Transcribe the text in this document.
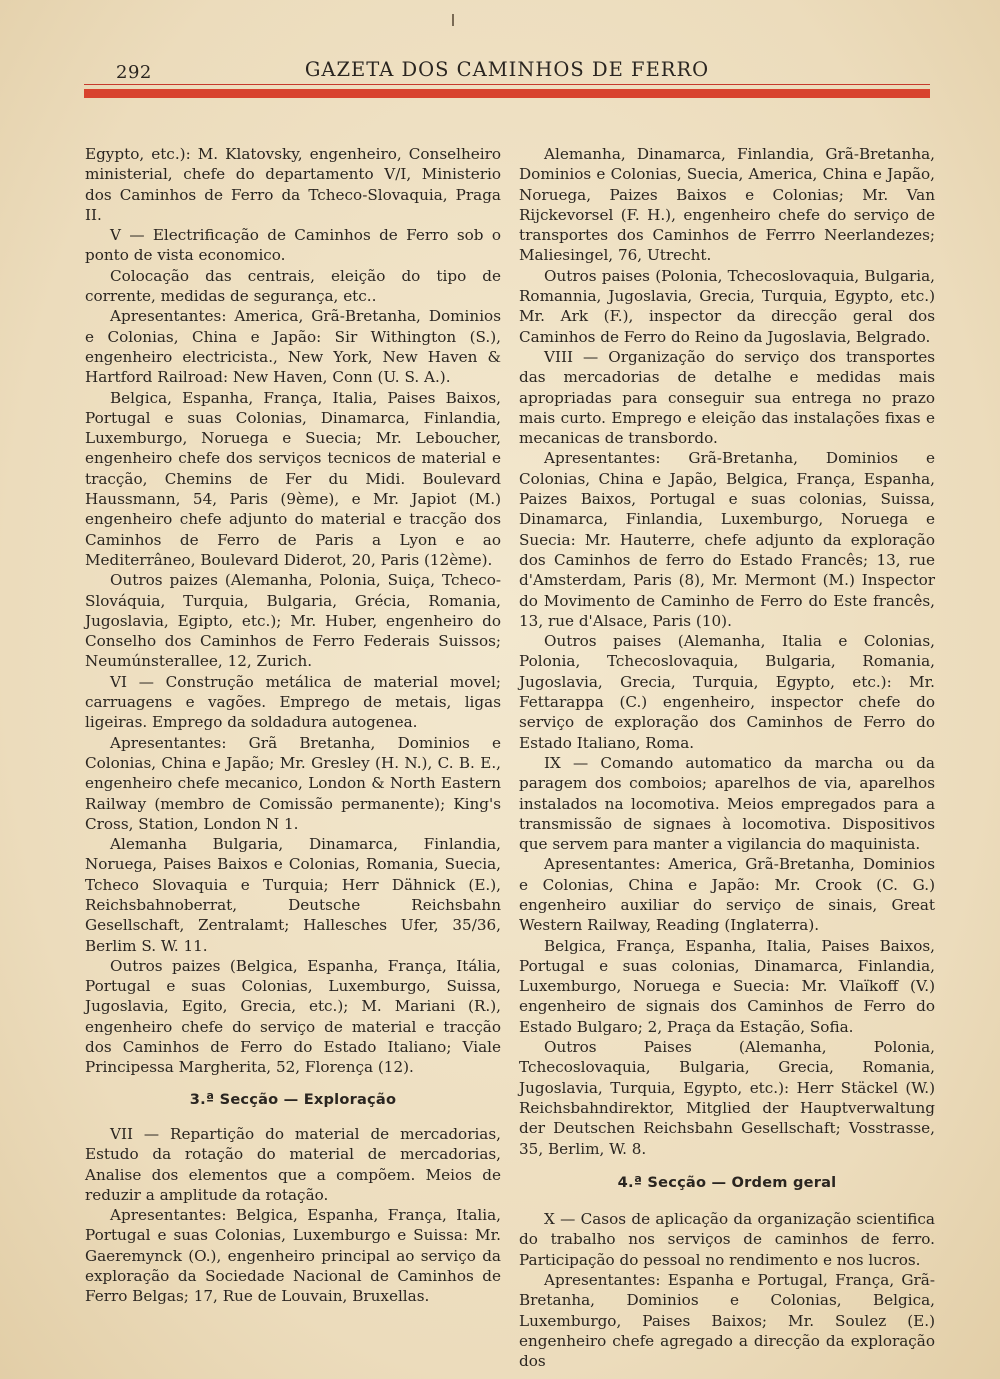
292	GAZETA DOS CAMINHOS DE FERRO

Egypto, etc.): M. Klatovsky, engenheiro, Conselheiro ministerial, chefe do departamento V/I, Ministerio dos Caminhos de Ferro da Tcheco-Slovaquia, Praga II.

V — Electrificação de Caminhos de Ferro sob o ponto de vista economico.

Colocação das centrais, eleição do tipo de corrente, medidas de segurança, etc..

Apresentantes: America, Grã-Bretanha, Dominios e Colonias, China e Japão: Sir Withington (S.), engenheiro electricista., New York, New Haven & Hartford Railroad: New Haven, Conn (U. S. A.).

Belgica, Espanha, França, Italia, Paises Baixos, Portugal e suas Colonias, Dinamarca, Finlandia, Luxemburgo, Noruega e Suecia; Mr. Leboucher, engenheiro chefe dos serviços tecnicos de material e tracção, Chemins de Fer du Midi. Boulevard Haussmann, 54, Paris (9ème), e Mr. Japiot (M.) engenheiro chefe adjunto do material e tracção dos Caminhos de Ferro de Paris a Lyon e ao Mediterrâneo, Boulevard Diderot, 20, Paris (12ème).

Outros paizes (Alemanha, Polonia, Suiça, Tcheco-Slováquia, Turquia, Bulgaria, Grécia, Romania, Jugoslavia, Egipto, etc.); Mr. Huber, engenheiro do Conselho dos Caminhos de Ferro Federais Suissos; Neumúnsterallee, 12, Zurich.

VI — Construção metálica de material movel; carruagens e vagões. Emprego de metais, ligas ligeiras. Emprego da soldadura autogenea.

Apresentantes: Grã Bretanha, Dominios e Colonias, China e Japão; Mr. Gresley (H. N.), C. B. E., engenheiro chefe mecanico, London & North Eastern Railway (membro de Comissão permanente); King's Cross, Station, London N 1.

Alemanha Bulgaria, Dinamarca, Finlandia, Noruega, Paises Baixos e Colonias, Romania, Suecia, Tcheco Slovaquia e Turquia; Herr Dähnick (E.), Reichsbahnoberrat, Deutsche Reichsbahn Gesellschaft, Zentralamt; Hallesches Ufer, 35/36, Berlim S. W. 11.

Outros paizes (Belgica, Espanha, França, Itália, Portugal e suas Colonias, Luxemburgo, Suissa, Jugoslavia, Egito, Grecia, etc.); M. Mariani (R.), engenheiro chefe do serviço de material e tracção dos Caminhos de Ferro do Estado Italiano; Viale Principessa Margherita, 52, Florença (12).

3.ª Secção — Exploração

VII — Repartição do material de mercadorias, Estudo da rotação do material de mercadorias, Analise dos elementos que a compõem. Meios de reduzir a amplitude da rotação.

Apresentantes: Belgica, Espanha, França, Italia, Portugal e suas Colonias, Luxemburgo e Suissa: Mr. Gaeremynck (O.), engenheiro principal ao serviço da exploração da Sociedade Nacional de Caminhos de Ferro Belgas; 17, Rue de Louvain, Bruxellas.

Alemanha, Dinamarca, Finlandia, Grã-Bretanha, Dominios e Colonias, Suecia, America, China e Japão, Noruega, Paizes Baixos e Colonias; Mr. Van Rijckevorsel (F. H.), engenheiro chefe do serviço de transportes dos Caminhos de Ferrro Neerlandezes; Maliesingel, 76, Utrecht.

Outros paises (Polonia, Tchecoslovaquia, Bulgaria, Romannia, Jugoslavia, Grecia, Turquia, Egypto, etc.) Mr. Ark (F.), inspector da direcção geral dos Caminhos de Ferro do Reino da Jugoslavia, Belgrado.

VIII — Organização do serviço dos transportes das mercadorias de detalhe e medidas mais apropriadas para conseguir sua entrega no prazo mais curto. Emprego e eleição das instalações fixas e mecanicas de transbordo.

Apresentantes: Grã-Bretanha, Dominios e Colonias, China e Japão, Belgica, França, Espanha, Paizes Baixos, Portugal e suas colonias, Suissa, Dinamarca, Finlandia, Luxemburgo, Noruega e Suecia: Mr. Hauterre, chefe adjunto da exploração dos Caminhos de ferro do Estado Francês; 13, rue d'Amsterdam, Paris (8), Mr. Mermont (M.) Inspector do Movimento de Caminho de Ferro do Este francês, 13, rue d'Alsace, Paris (10).

Outros paises (Alemanha, Italia e Colonias, Polonia, Tchecoslovaquia, Bulgaria, Romania, Jugoslavia, Grecia, Turquia, Egypto, etc.): Mr. Fettarappa (C.) engenheiro, inspector chefe do serviço de exploração dos Caminhos de Ferro do Estado Italiano, Roma.

IX — Comando automatico da marcha ou da paragem dos comboios; aparelhos de via, aparelhos instalados na locomotiva. Meios empregados para a transmissão de signaes à locomotiva. Dispositivos que servem para manter a vigilancia do maquinista.

Apresentantes: America, Grã-Bretanha, Dominios e Colonias, China e Japão: Mr. Crook (C. G.) engenheiro auxiliar do serviço de sinais, Great Western Railway, Reading (Inglaterra).

Belgica, França, Espanha, Italia, Paises Baixos, Portugal e suas colonias, Dinamarca, Finlandia, Luxemburgo, Noruega e Suecia: Mr. Vlaïkoff (V.) engenheiro de signais dos Caminhos de Ferro do Estado Bulgaro; 2, Praça da Estação, Sofia.

Outros Paises (Alemanha, Polonia, Tchecoslovaquia, Bulgaria, Grecia, Romania, Jugoslavia, Turquia, Egypto, etc.): Herr Stäckel (W.) Reichsbahndirektor, Mitglied der Hauptverwaltung der Deutschen Reichsbahn Gesellschaft; Vosstrasse, 35, Berlim, W. 8.

4.ª Secção — Ordem geral

X — Casos de aplicação da organização scientifica do trabalho nos serviços de caminhos de ferro. Participação do pessoal no rendimento e nos lucros.

Apresentantes: Espanha e Portugal, França, Grã-Bretanha, Dominios e Colonias, Belgica, Luxemburgo, Paises Baixos; Mr. Soulez (E.) engenheiro chefe agregado a direcção da exploração dos
